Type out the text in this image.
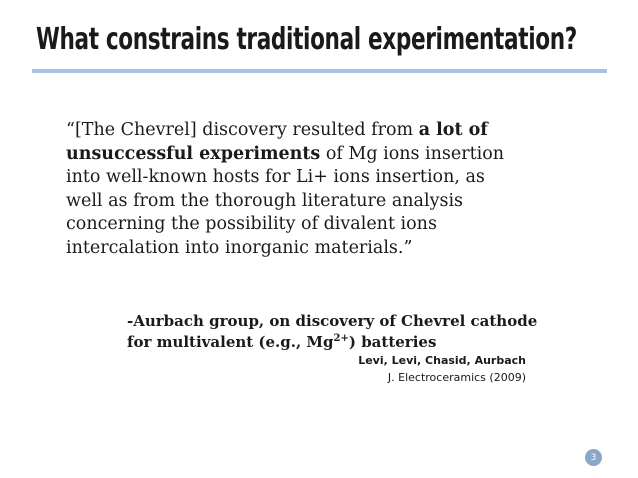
What constrains traditional experimentation?
“[The Chevrel] discovery resulted from a lot of
unsuccessful experiments of Mg ions insertion
into well-known hosts for Li+ ions insertion, as
well as from the thorough literature analysis
concerning the possibility of divalent ions
intercalation into inorganic materials.”
-Aurbach group, on discovery of Chevrel cathode
for multivalent (e.g., $Mg^{2+}$) batteries
Levi, Levi, Chasid, Aurbach
J. Electroceramics (2009)
3
